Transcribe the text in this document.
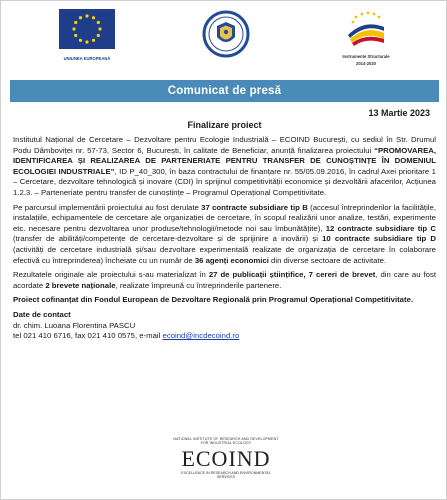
UNIUNEA EUROPEANĂ	Instrumente Structurale
2014-2020
Comunicat de presă
13 Martie 2023
Finalizare proiect

Institutul Național de Cercetare – Dezvoltare pentru Ecologie Industrială – ECOIND București, cu sediul în Str. Drumul Podu Dâmboviței nr. 57-73, Sector 6, București, în calitate de Beneficiar, anunță finalizarea proiectului “PROMOVAREA, IDENTIFICAREA ȘI REALIZAREA DE PARTENERIATE PENTRU TRANSFER DE CUNOȘTINȚE ÎN DOMENIUL ECOLOGIEI INDUSTRIALE”, ID P_40_300, în baza contractului de finanțare nr. 55/05.09.2016, în cadrul Axei prioritare 1 – Cercetare, dezvoltare tehnologică și inovare (CDI) în sprijinul competitivității economice și dezvoltării afacerilor, Acțiunea 1.2.3. – Parteneriate pentru transfer de cunoștințe – Programul Operațional Competitivitate.

Pe parcursul implementării proiectului au fost derulate 37 contracte subsidiare tip B (accesul întreprinderilor la facilitățile, instalațiile, echipamentele de cercetare ale organizației de cercetare, în scopul realizării unor analize, testări, experimente etc. necesare pentru dezvoltarea unor produse/tehnologii/metode noi sau îmbunătățite), 12 contracte subsidiare tip C (transfer de abilități/competențe de cercetare-dezvoltare și de sprijinire a inovării) și 10 contracte subsidiare tip D (activități de cercetare industrială și/sau dezvoltare experimentală realizate de organizația de cercetare în colaborare efectivă cu întreprinderea) încheiate cu un număr de 36 agenți economici din diverse sectoare de activitate.

Rezultatele originale ale proiectului s-au materializat în 27 de publicații științifice, 7 cereri de brevet, din care au fost acordate 2 brevete naționale, realizate împreună cu întreprinderile partenere.

Proiect cofinanțat din Fondul European de Dezvoltare Regională prin Programul Operațional Competitivitate.

Date de contact
dr. chim. Luoana Florentina PASCU
tel 021 410 6716, fax 021 410 0575, e-mail ecoind@incdecoind.ro
NATIONAL INSTITUTE OF RESEARCH AND DEVELOPMENT
FOR INDUSTRIAL ECOLOGY
ECOIND
EXCELLENCE IN RESEARCH AND ENVIRONMENTAL SERVICES
